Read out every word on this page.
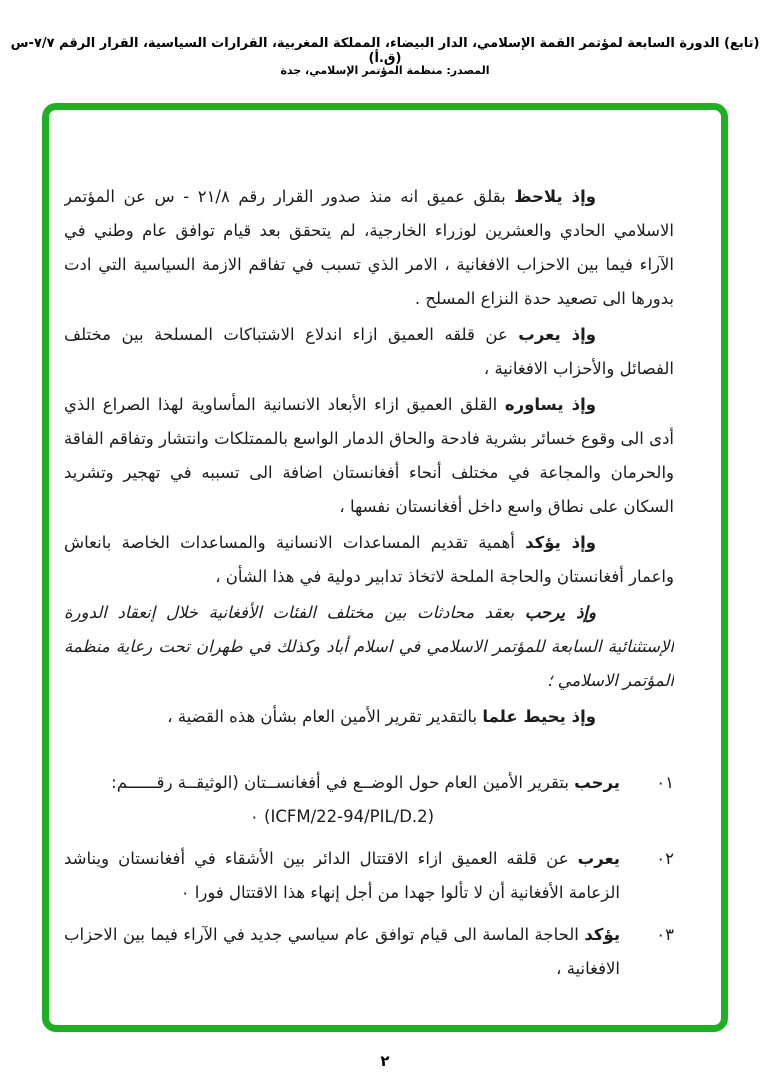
(تابع) الدورة السابعة لمؤتمر القمة الإسلامي، الدار البيضاء، المملكة المغربية، القرارات السياسية، القرار الرقم ٧/٧-س (ق.أ)
المصدر: منظمة المؤتمر الإسلامي، جدة

وإذ يلاحظ بقلق عميق انه منذ صدور القرار رقم ٢١/٨ - س عن المؤتمر الاسلامي الحادي والعشرين لوزراء الخارجية، لم يتحقق بعد قيام توافق عام وطني في الآراء فيما بين الاحزاب الافغانية ، الامر الذي تسبب في تفاقم الازمة السياسية التي ادت بدورها الى تصعيد حدة النزاع المسلح .

وإذ يعرب عن قلقه العميق ازاء اندلاع الاشتباكات المسلحة بين مختلف الفصائل والأحزاب الافغانية ،

وإذ يساوره القلق العميق ازاء الأبعاد الانسانية المأساوية لهذا الصراع الذي أدى الى وقوع خسائر بشرية فادحة والحاق الدمار الواسع بالممتلكات وانتشار وتفاقم الفاقة والحرمان والمجاعة في مختلف أنحاء أفغانستان اضافة الى تسببه في تهجير وتشريد السكان على نطاق واسع داخل أفغانستان نفسها ،

وإذ يؤكد أهمية تقديم المساعدات الانسانية والمساعدات الخاصة بانعاش واعمار أفغانستان والحاجة الملحة لاتخاذ تدابير دولية في هذا الشأن ،

وإذ يرحب بعقد محادثات بين مختلف الفئات الأفغانية خلال إنعقاد الدورة الإستثنائية السابعة للمؤتمر الاسلامي في اسلام أباد وكذلك في طهران تحت رعاية منظمة المؤتمر الاسلامي ؛

وإذ يحيط علما بالتقدير تقرير الأمين العام بشأن هذه القضية ،

٠١
يرحب بتقرير الأمين العام حول الوضــع في أفغانســتان (الوثيقــة رقــــــم:
(ICFM/22-94/PIL/D.2) ٠
٠٢
يعرب عن قلقه العميق ازاء الاقتتال الدائر بين الأشقاء في أفغانستان ويناشد الزعامة الأفغانية أن لا تألوا جهدا من أجل إنهاء هذا الاقتتال فورا ٠
٠٣
يؤكد الحاجة الماسة الى قيام توافق عام سياسي جديد في الآراء فيما بين الاحزاب الافغانية ،
٢
